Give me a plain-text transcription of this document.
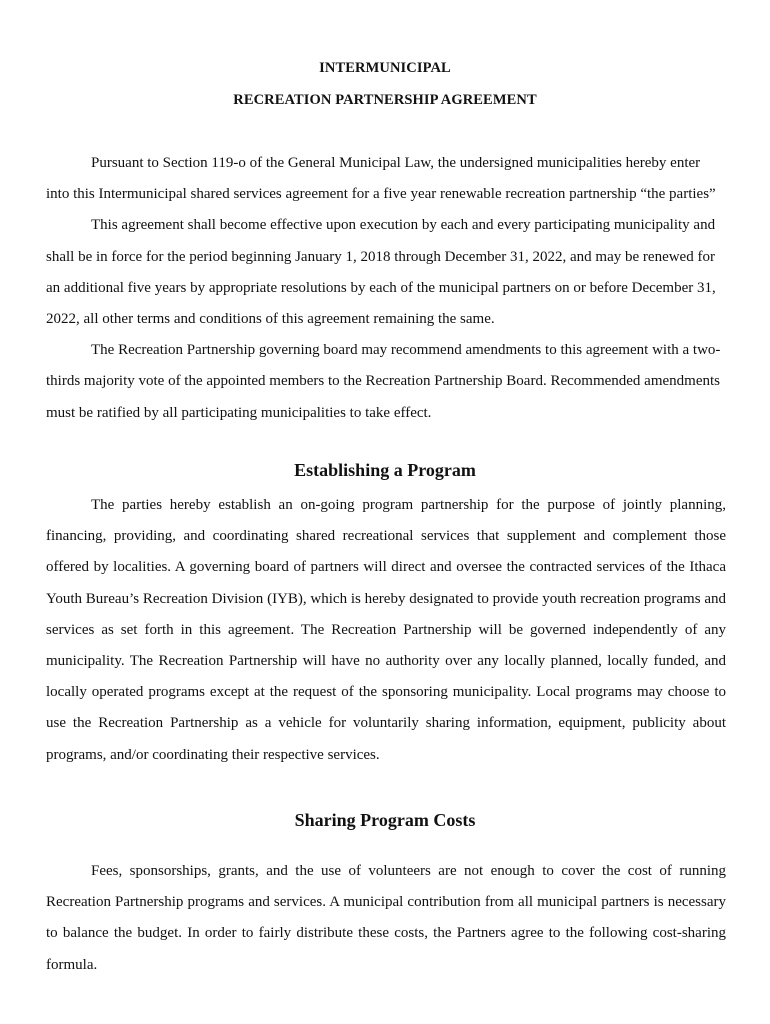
INTERMUNICIPAL
RECREATION PARTNERSHIP AGREEMENT

Pursuant to Section 119-o of the General Municipal Law, the undersigned municipalities hereby enter into this Intermunicipal shared services agreement for a five year renewable recreation partnership “the parties”

This agreement shall become effective upon execution by each and every participating municipality and shall be in force for the period beginning January 1, 2018 through December 31, 2022, and may be renewed for an additional five years by appropriate resolutions by each of the municipal partners on or before December 31, 2022, all other terms and conditions of this agreement remaining the same.

The Recreation Partnership governing board may recommend amendments to this agreement with a two-thirds majority vote of the appointed members to the Recreation Partnership Board. Recommended amendments must be ratified by all participating municipalities to take effect.

Establishing a Program

The parties hereby establish an on-going program partnership for the purpose of jointly planning, financing, providing, and coordinating shared recreational services that supplement and complement those offered by localities. A governing board of partners will direct and oversee the contracted services of the Ithaca Youth Bureau’s Recreation Division (IYB), which is hereby designated to provide youth recreation programs and services as set forth in this agreement. The Recreation Partnership will be governed independently of any municipality. The Recreation Partnership will have no authority over any locally planned, locally funded, and locally operated programs except at the request of the sponsoring municipality. Local programs may choose to use the Recreation Partnership as a vehicle for voluntarily sharing information, equipment, publicity about programs, and/or coordinating their respective services.

Sharing Program Costs

Fees, sponsorships, grants, and the use of volunteers are not enough to cover the cost of running Recreation Partnership programs and services. A municipal contribution from all municipal partners is necessary to balance the budget. In order to fairly distribute these costs, the Partners agree to the following cost-sharing formula.
